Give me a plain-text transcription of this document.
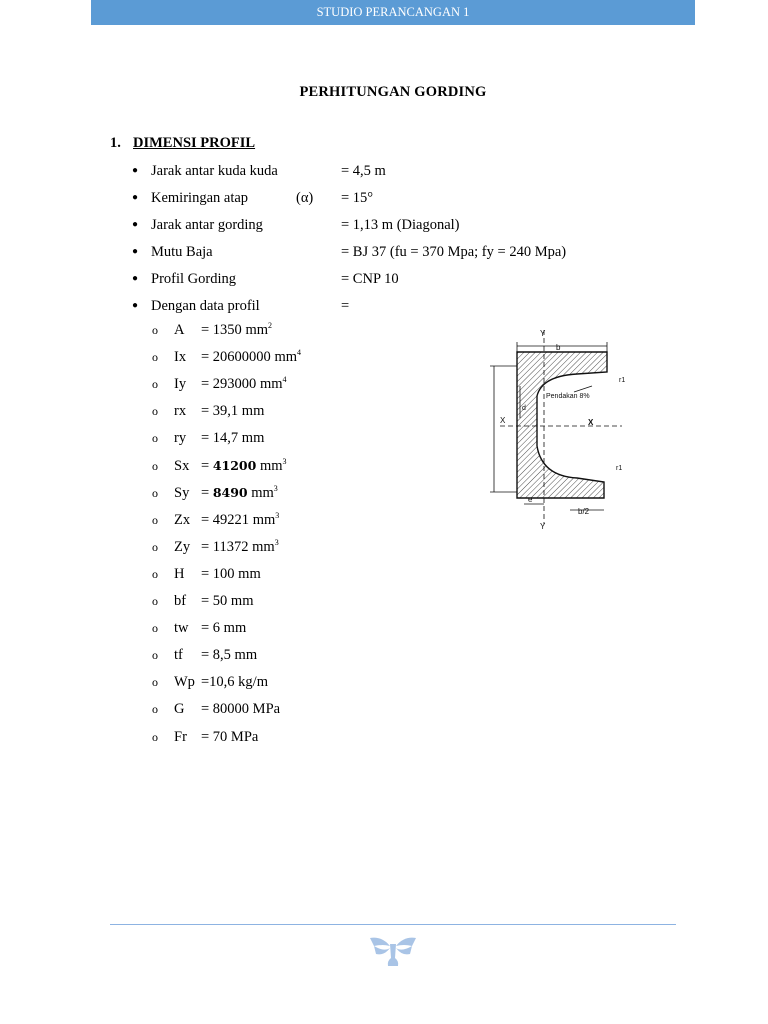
STUDIO PERANCANGAN 1
PERHITUNGAN GORDING
1. DIMENSI PROFIL
● Jarak antar kuda kuda	= 4,5 m
● Kemiringan atap	(α) = 15°
● Jarak antar gording	= 1,13 m (Diagonal)
● Mutu Baja	= BJ 37 (fu = 370 Mpa; fy = 240 Mpa)
● Profil Gording	= CNP 10
● Dengan data profil	=
o A = 1350 $mm^2$
o Ix = 20600000 $mm^4$
o Iy = 293000 $mm^4$
o rx = 39,1 mm
o ry = 14,7 mm
o Sx = 41200 $mm^3$
o Sy = 8490 $mm^3$
o Zx = 49221 $mm^3$
o Zy = 11372 $mm^3$
o H = 100 mm
o bf = 50 mm
o tw = 6 mm
o tf = 8,5 mm
o Wp =10,6 kg/m
o G = 80000 MPa
o Fr = 70 MPa
Y
Y
X	X
b
b/2
e
d
r1
r1
Pendakan 8%
